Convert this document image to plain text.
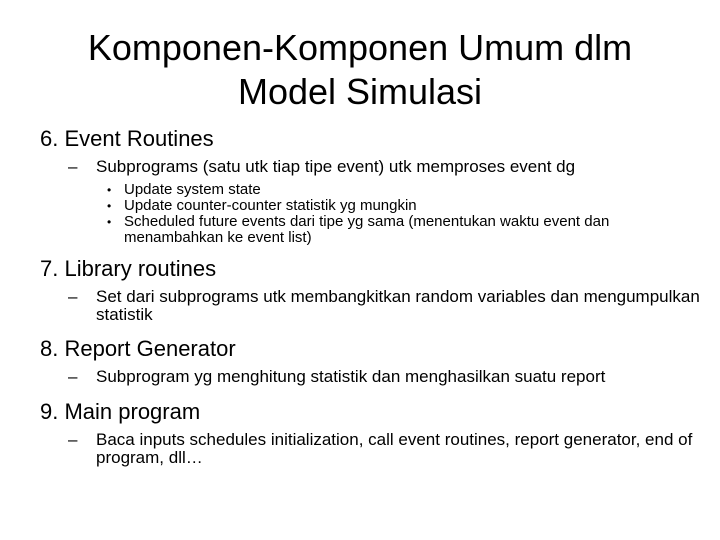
Komponen-Komponen Umum dlm
Model Simulasi
6. Event Routines
– Subprograms (satu utk tiap tipe event) utk memproses event dg
• Update system state
• Update counter-counter statistik yg mungkin
• Scheduled future events dari tipe yg sama (menentukan waktu event dan menambahkan ke event list)
7. Library routines
– Set dari subprograms utk membangkitkan random variables dan mengumpulkan statistik
8. Report Generator
– Subprogram yg menghitung statistik dan menghasilkan suatu report
9. Main program
– Baca inputs schedules initialization, call event routines, report generator, end of program, dll…
